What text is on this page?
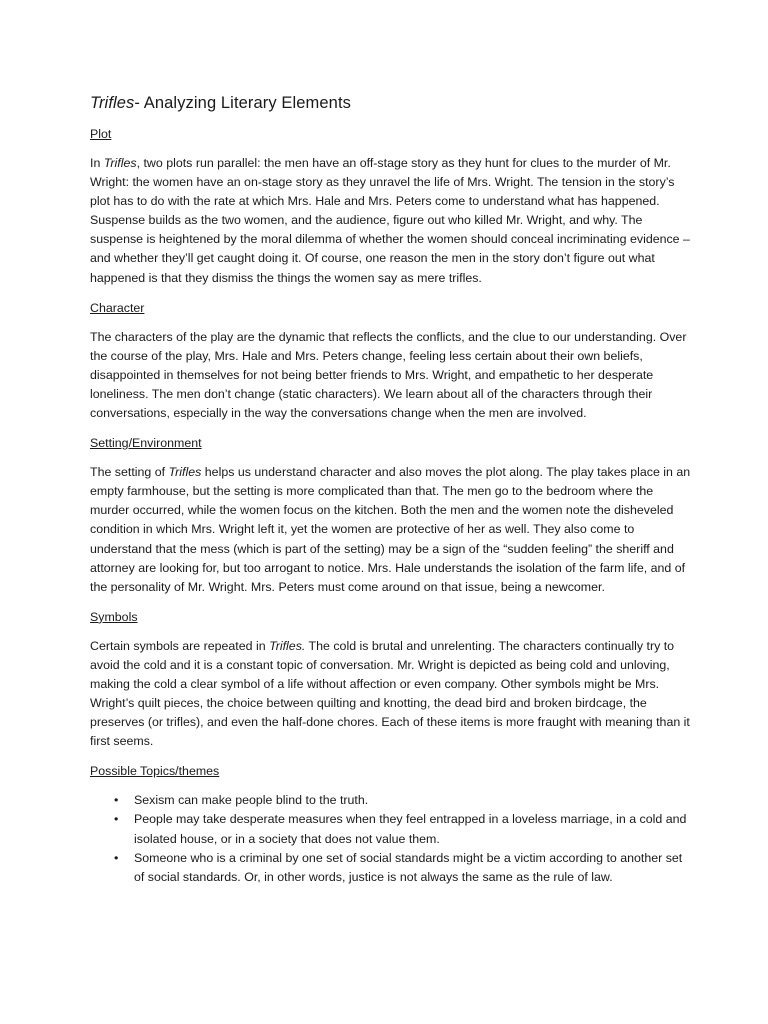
Trifles- Analyzing Literary Elements
Plot

In Trifles, two plots run parallel: the men have an off-stage story as they hunt for clues to the murder of Mr. Wright: the women have an on-stage story as they unravel the life of Mrs. Wright. The tension in the story’s plot has to do with the rate at which Mrs. Hale and Mrs. Peters come to understand what has happened. Suspense builds as the two women, and the audience, figure out who killed Mr. Wright, and why. The suspense is heightened by the moral dilemma of whether the women should conceal incriminating evidence – and whether they’ll get caught doing it. Of course, one reason the men in the story don’t figure out what happened is that they dismiss the things the women say as mere trifles.

Character

The characters of the play are the dynamic that reflects the conflicts, and the clue to our understanding. Over the course of the play, Mrs. Hale and Mrs. Peters change, feeling less certain about their own beliefs, disappointed in themselves for not being better friends to Mrs. Wright, and empathetic to her desperate loneliness. The men don’t change (static characters). We learn about all of the characters through their conversations, especially in the way the conversations change when the men are involved.

Setting/Environment

The setting of Trifles helps us understand character and also moves the plot along. The play takes place in an empty farmhouse, but the setting is more complicated than that. The men go to the bedroom where the murder occurred, while the women focus on the kitchen. Both the men and the women note the disheveled condition in which Mrs. Wright left it, yet the women are protective of her as well. They also come to understand that the mess (which is part of the setting) may be a sign of the “sudden feeling” the sheriff and attorney are looking for, but too arrogant to notice. Mrs. Hale understands the isolation of the farm life, and of the personality of Mr. Wright. Mrs. Peters must come around on that issue, being a newcomer.

Symbols

Certain symbols are repeated in Trifles. The cold is brutal and unrelenting. The characters continually try to avoid the cold and it is a constant topic of conversation. Mr. Wright is depicted as being cold and unloving, making the cold a clear symbol of a life without affection or even company. Other symbols might be Mrs. Wright’s quilt pieces, the choice between quilting and knotting, the dead bird and broken birdcage, the preserves (or trifles), and even the half-done chores. Each of these items is more fraught with meaning than it first seems.

Possible Topics/themes
• Sexism can make people blind to the truth.
• People may take desperate measures when they feel entrapped in a loveless marriage, in a cold and isolated house, or in a society that does not value them.
• Someone who is a criminal by one set of social standards might be a victim according to another set of social standards. Or, in other words, justice is not always the same as the rule of law.
